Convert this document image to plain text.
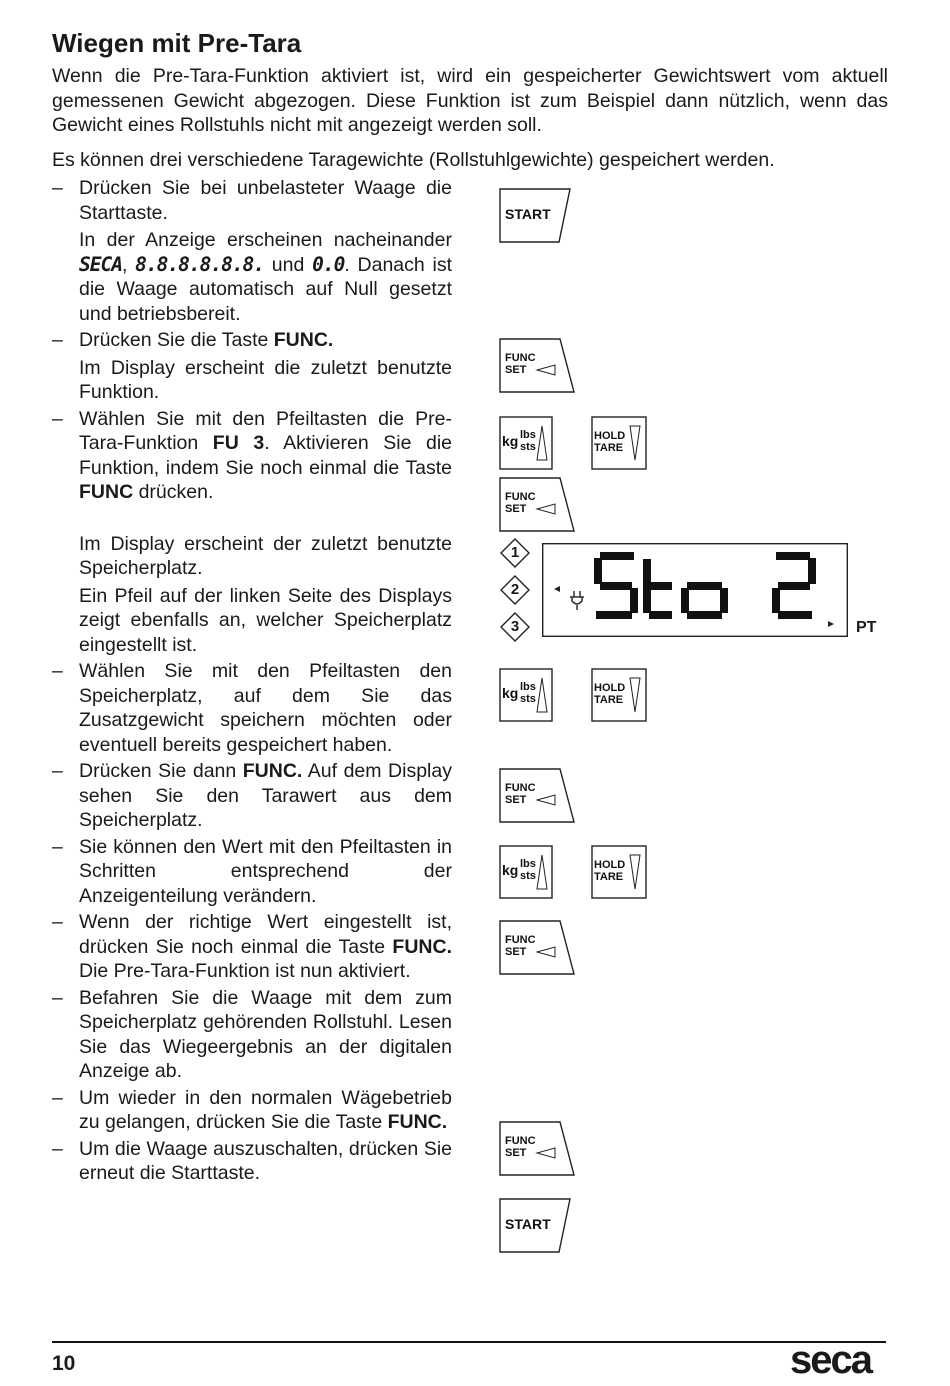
Wiegen mit Pre-Tara

Wenn die Pre-Tara-Funktion aktiviert ist, wird ein gespeicherter Gewichtswert vom aktuell gemessenen Gewicht abgezogen. Diese Funktion ist zum Beispiel dann nützlich, wenn das Gewicht eines Rollstuhls nicht mit angezeigt werden soll.

Es können drei verschiedene Taragewichte (Rollstuhlgewichte) gespeichert werden.

– Drücken Sie bei unbelasteter Waage die Starttaste.

In der Anzeige erscheinen nacheinander SECA, 8.8.8.8.8.8. und 0.0. Danach ist die Waage automatisch auf Null gesetzt und betriebsbereit.

– Drücken Sie die Taste FUNC.

Im Display erscheint die zuletzt benutzte Funktion.

– Wählen Sie mit den Pfeiltasten die Pre-Tara-Funktion FU 3. Aktivieren Sie die Funktion, indem Sie noch einmal die Taste FUNC drücken.

Im Display erscheint der zuletzt benutzte Speicherplatz.

Ein Pfeil auf der linken Seite des Displays zeigt ebenfalls an, welcher Speicherplatz eingestellt ist.

– Wählen Sie mit den Pfeiltasten den Speicherplatz, auf dem Sie das Zusatzgewicht speichern möchten oder eventuell bereits gespeichert haben.

– Drücken Sie dann FUNC. Auf dem Display sehen Sie den Tarawert aus dem Speicherplatz.

– Sie können den Wert mit den Pfeiltasten in Schritten entsprechend der Anzeigenteilung verändern.

– Wenn der richtige Wert eingestellt ist, drücken Sie noch einmal die Taste FUNC. Die Pre-Tara-Funktion ist nun aktiviert.

– Befahren Sie die Waage mit dem zum Speicherplatz gehörenden Rollstuhl. Lesen Sie das Wiegeergebnis an der digitalen Anzeige ab.

– Um wieder in den normalen Wägebetrieb zu gelangen, drücken Sie die Taste FUNC.

– Um die Waage auszuschalten, drücken Sie erneut die Starttaste.

START
FUNC
SET
FUNC
SET
FUNC
SET
FUNC
SET
FUNC
SET
kg lbs
sts
kg lbs
sts
kg lbs
sts
HOLD
TARE
HOLD
TARE
HOLD
TARE
1
2
3	PT
START
10	seca
